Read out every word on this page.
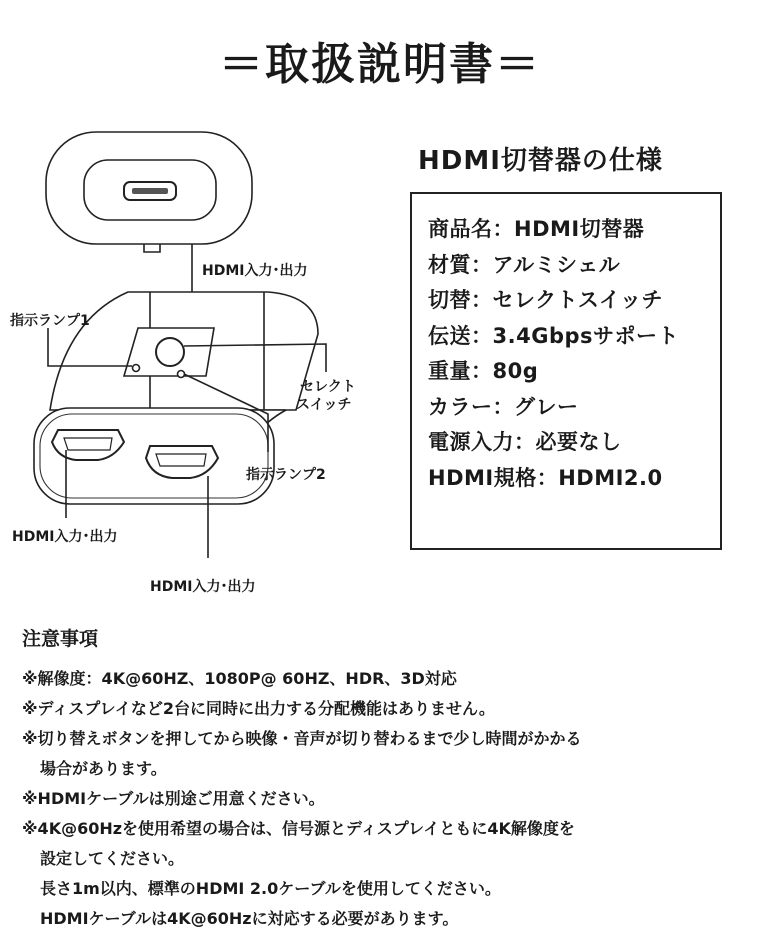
＝取扱説明書＝
HDMI入力･出力
指示ランプ1
セレクト
スイッチ
指示ランプ2
HDMI入力･出力
HDMI入力･出力
HDMI切替器の仕様
商品名：HDMI切替器
材質：アルミシェル
切替：セレクトスイッチ
伝送：3.4Gbpsサポート
重量：80g
カラー：グレー
電源入力：必要なし
HDMI規格：HDMI2.0
注意事項
※解像度：4K@60HZ、1080P@ 60HZ、HDR、3D対応
※ディスプレイなど2台に同時に出力する分配機能はありません。
※切り替えボタンを押してから映像・音声が切り替わるまで少し時間がかかる
場合があります。
※HDMIケーブルは別途ご用意ください。
※4K@60Hzを使用希望の場合は、信号源とディスプレイともに4K解像度を
設定してください。
長さ1m以内、標準のHDMI 2.0ケーブルを使用してください。
HDMIケーブルは4K@60Hzに対応する必要があります。
